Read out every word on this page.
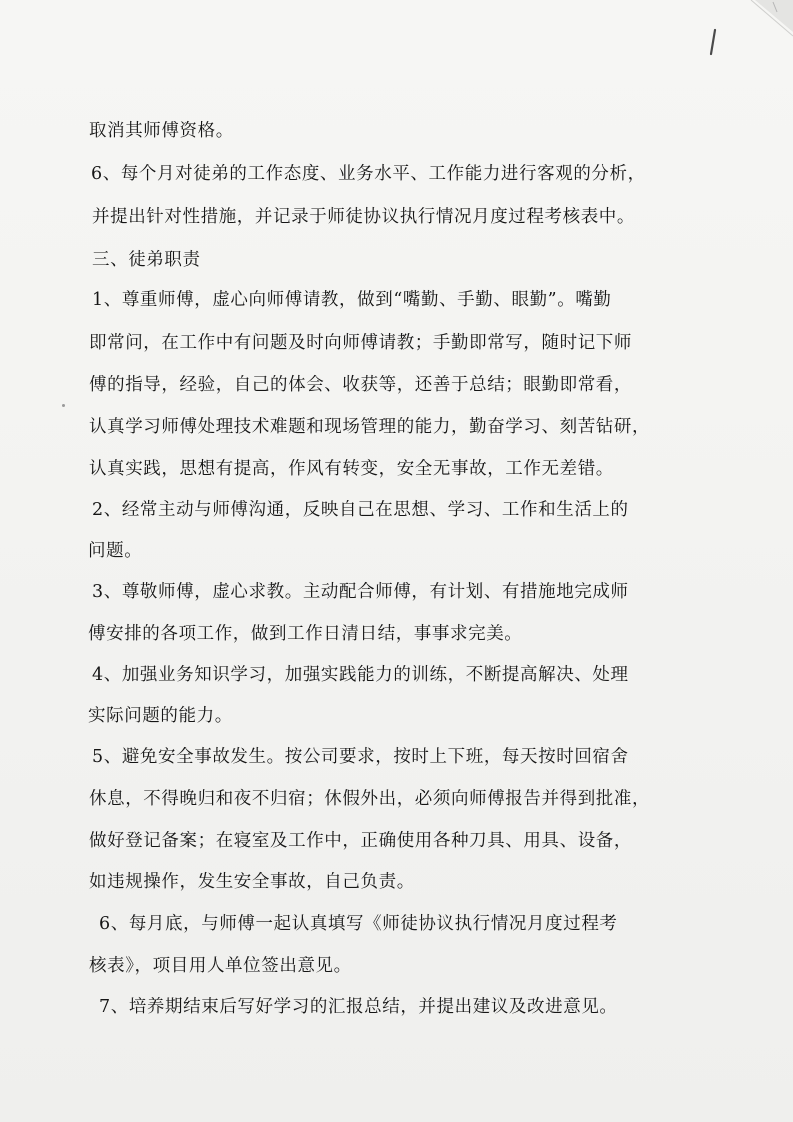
取消其师傅资格。
6、每个月对徒弟的工作态度、业务水平、工作能力进行客观的分析，
并提出针对性措施，并记录于师徒协议执行情况月度过程考核表中。
三、徒弟职责
1、尊重师傅，虚心向师傅请教，做到“嘴勤、手勤、眼勤”。嘴勤
即常问，在工作中有问题及时向师傅请教；手勤即常写，随时记下师
傅的指导，经验，自己的体会、收获等，还善于总结；眼勤即常看，
认真学习师傅处理技术难题和现场管理的能力，勤奋学习、刻苦钻研，
认真实践，思想有提高，作风有转变，安全无事故，工作无差错。
2、经常主动与师傅沟通，反映自己在思想、学习、工作和生活上的
问题。
3、尊敬师傅，虚心求教。主动配合师傅，有计划、有措施地完成师
傅安排的各项工作，做到工作日清日结，事事求完美。
4、加强业务知识学习，加强实践能力的训练，不断提高解决、处理
实际问题的能力。
5、避免安全事故发生。按公司要求，按时上下班，每天按时回宿舍
休息，不得晚归和夜不归宿；休假外出，必须向师傅报告并得到批准，
做好登记备案；在寝室及工作中，正确使用各种刀具、用具、设备，
如违规操作，发生安全事故，自己负责。
6、每月底，与师傅一起认真填写《师徒协议执行情况月度过程考
核表》，项目用人单位签出意见。
7、培养期结束后写好学习的汇报总结，并提出建议及改进意见。
